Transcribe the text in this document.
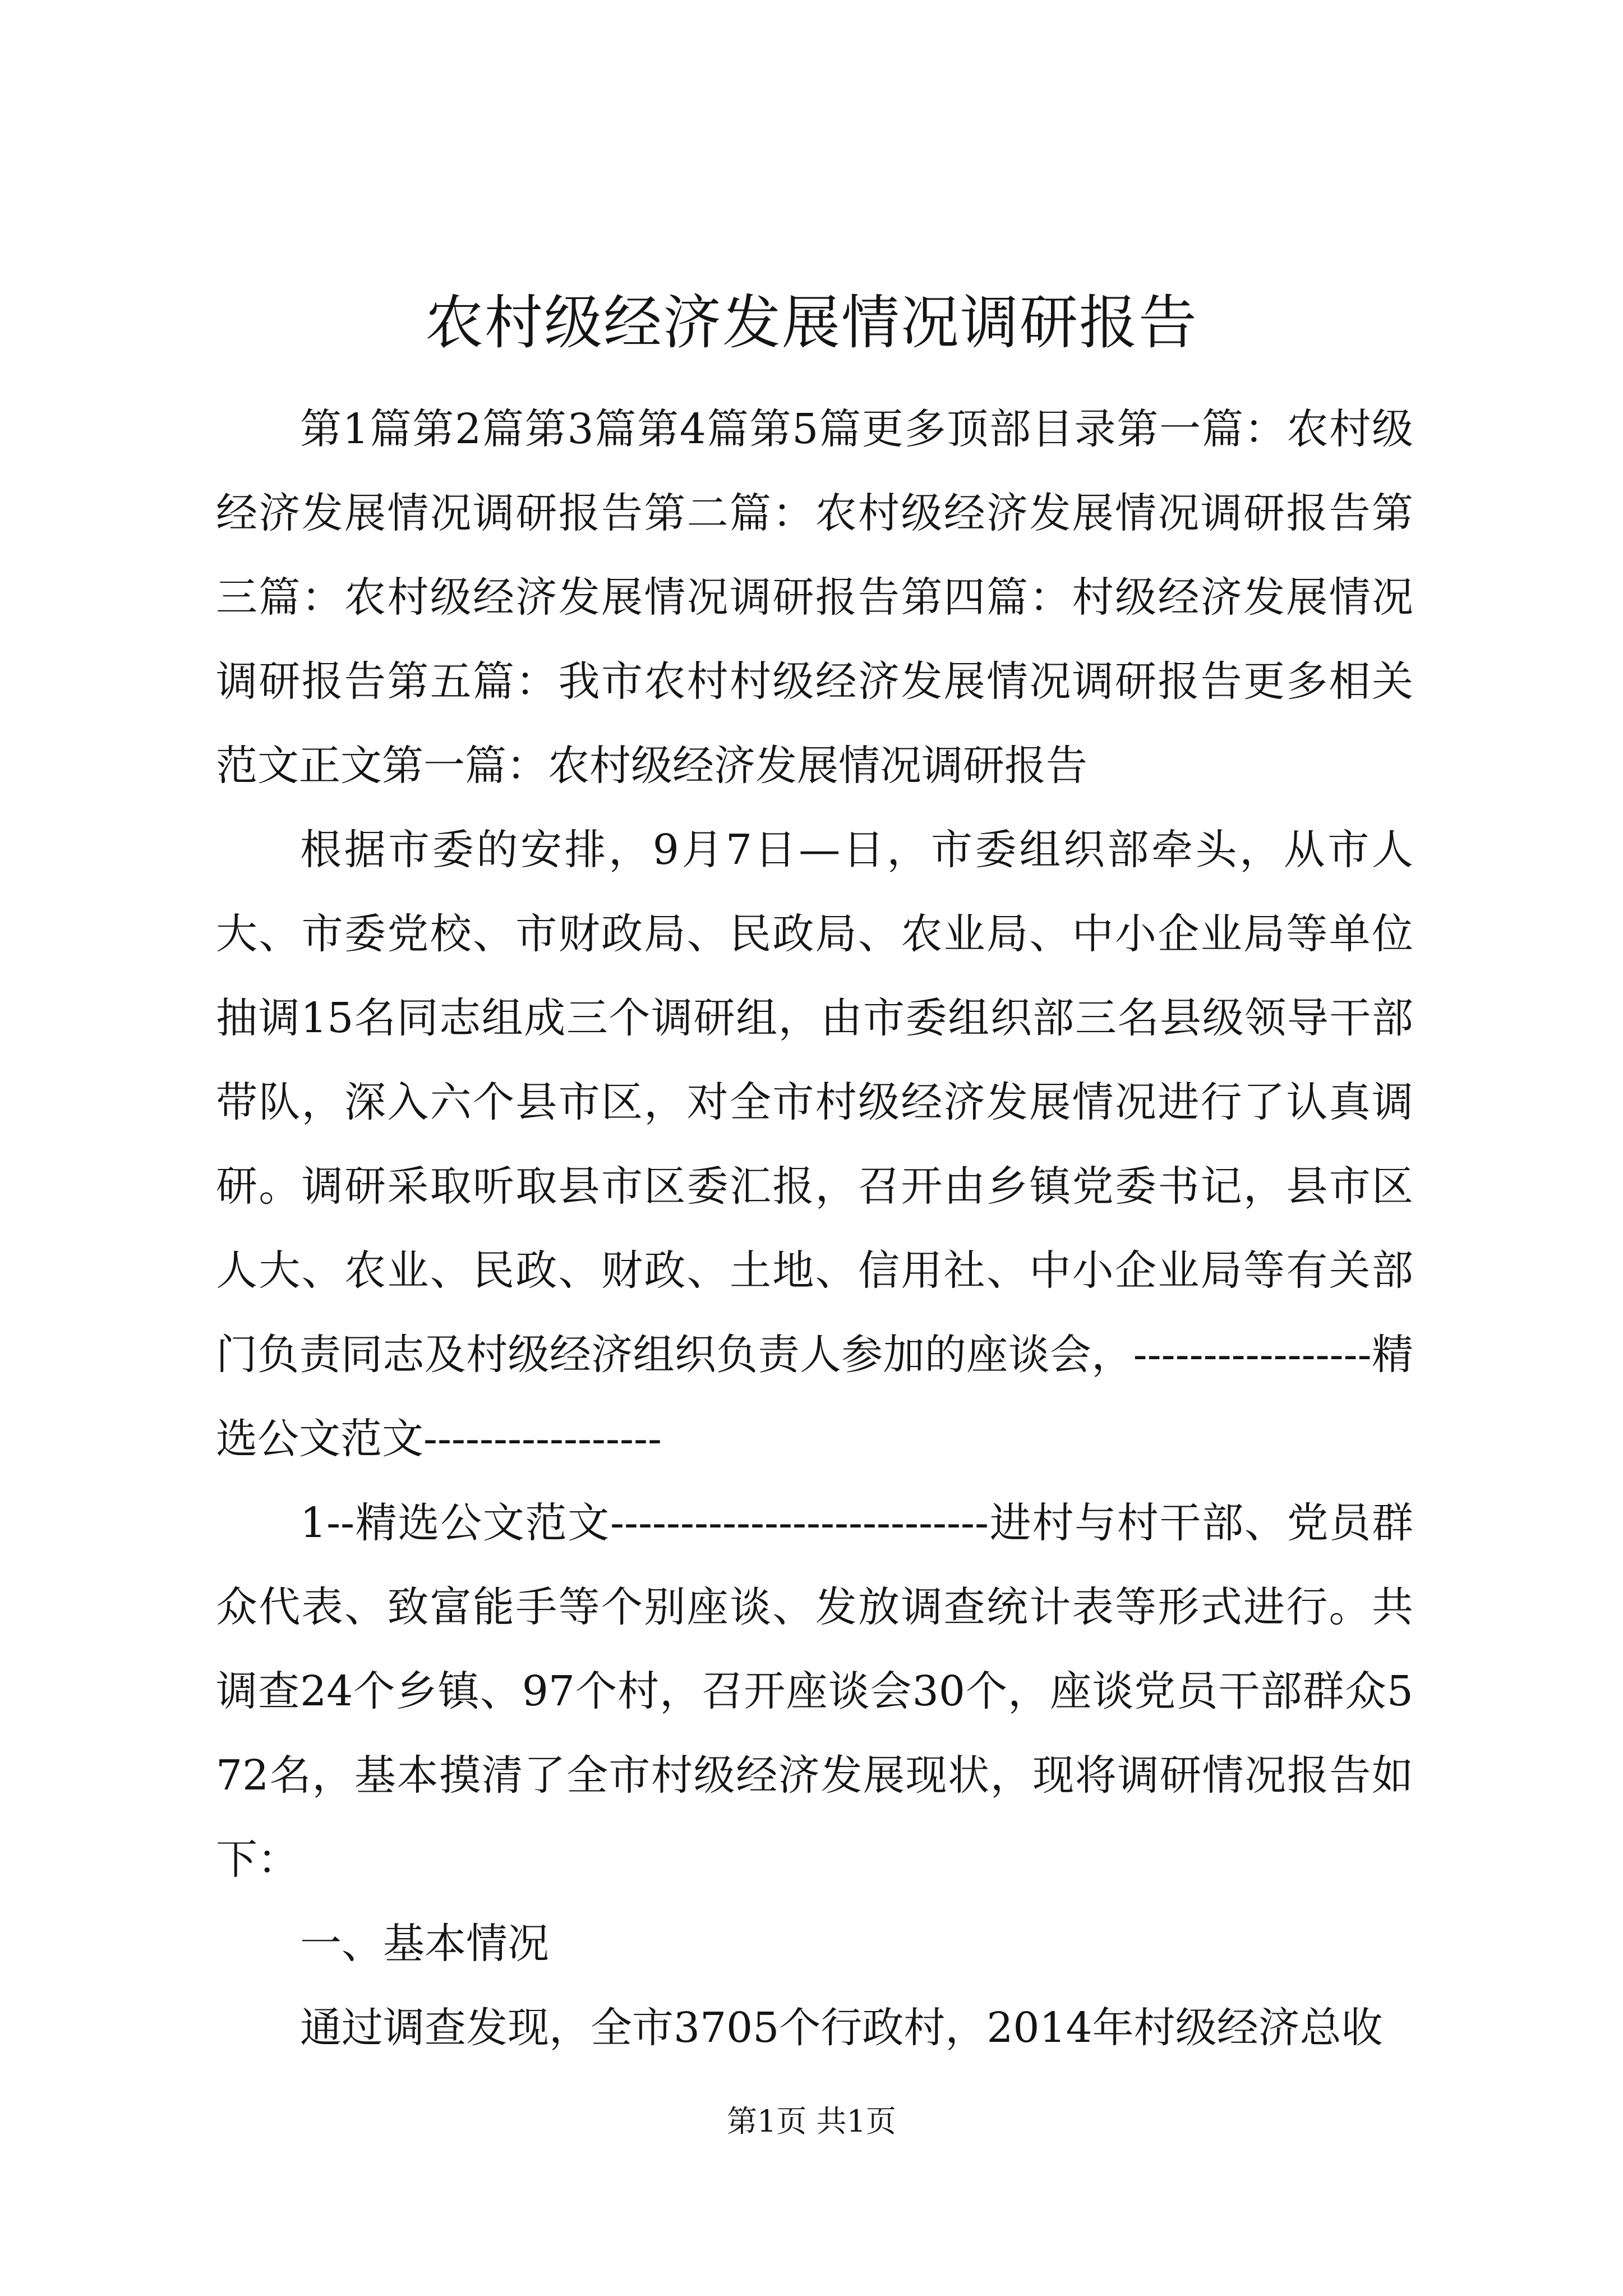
农村级经济发展情况调研报告

第1篇第2篇第3篇第4篇第5篇更多顶部目录第一篇：农村级经济发展情况调研报告第二篇：农村级经济发展情况调研报告第三篇：农村级经济发展情况调研报告第四篇：村级经济发展情况调研报告第五篇：我市农村村级经济发展情况调研报告更多相关范文正文第一篇：农村级经济发展情况调研报告

根据市委的安排，9月7日—日，市委组织部牵头，从市人大、市委党校、市财政局、民政局、农业局、中小企业局等单位抽调15名同志组成三个调研组，由市委组织部三名县级领导干部带队，深入六个县市区，对全市村级经济发展情况进行了认真调研。调研采取听取县市区委汇报，召开由乡镇党委书记，县市区人大、农业、民政、财政、土地、信用社、中小企业局等有关部门负责同志及村级经济组织负责人参加的座谈会，-----------------精选公文范文-----------------

1--精选公文范文---------------------------进村与村干部、党员群众代表、致富能手等个别座谈、发放调查统计表等形式进行。共调查24个乡镇、97个村，召开座谈会30个，座谈党员干部群众572名，基本摸清了全市村级经济发展现状，现将调研情况报告如下：

一、基本情况

通过调查发现，全市3705个行政村，2014年村级经济总收

第1页 共1页
